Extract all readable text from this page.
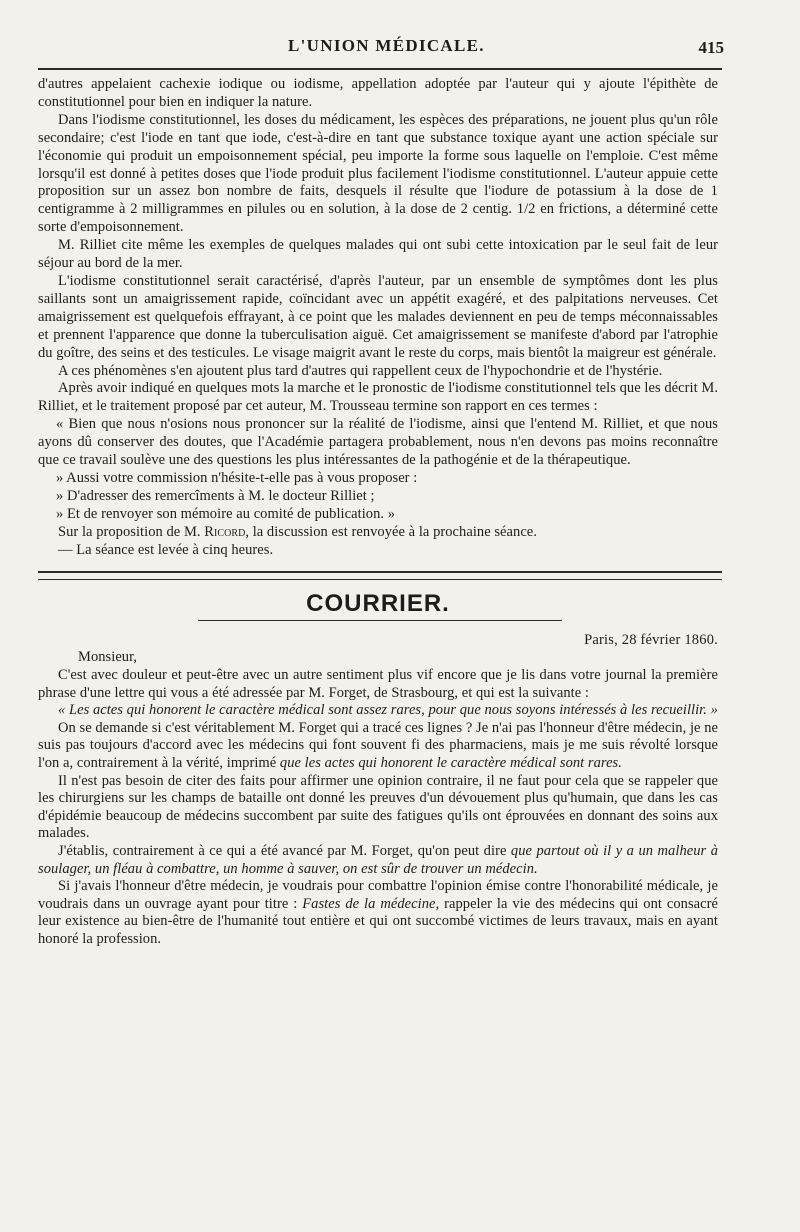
L'UNION MÉDICALE.	415

d'autres appelaient cachexie iodique ou iodisme, appellation adoptée par l'auteur qui y ajoute l'épithète de constitutionnel pour bien en indiquer la nature.

Dans l'iodisme constitutionnel, les doses du médicament, les espèces des préparations, ne jouent plus qu'un rôle secondaire; c'est l'iode en tant que iode, c'est-à-dire en tant que substance toxique ayant une action spéciale sur l'économie qui produit un empoisonnement spécial, peu importe la forme sous laquelle on l'emploie. C'est même lorsqu'il est donné à petites doses que l'iode produit plus facilement l'iodisme constitutionnel. L'auteur appuie cette proposition sur un assez bon nombre de faits, desquels il résulte que l'iodure de potassium à la dose de 1 centigramme à 2 milligrammes en pilules ou en solution, à la dose de 2 centig. 1/2 en frictions, a déterminé cette sorte d'empoisonnement.

M. Rilliet cite même les exemples de quelques malades qui ont subi cette intoxication par le seul fait de leur séjour au bord de la mer.

L'iodisme constitutionnel serait caractérisé, d'après l'auteur, par un ensemble de symptômes dont les plus saillants sont un amaigrissement rapide, coïncidant avec un appétit exagéré, et des palpitations nerveuses. Cet amaigrissement est quelquefois effrayant, à ce point que les malades deviennent en peu de temps méconnaissables et prennent l'apparence que donne la tuberculisation aiguë. Cet amaigrissement se manifeste d'abord par l'atrophie du goître, des seins et des testicules. Le visage maigrit avant le reste du corps, mais bientôt la maigreur est générale.

A ces phénomènes s'en ajoutent plus tard d'autres qui rappellent ceux de l'hypochondrie et de l'hystérie.

Après avoir indiqué en quelques mots la marche et le pronostic de l'iodisme constitutionnel tels que les décrit M. Rilliet, et le traitement proposé par cet auteur, M. Trousseau termine son rapport en ces termes :

« Bien que nous n'osions nous prononcer sur la réalité de l'iodisme, ainsi que l'entend M. Rilliet, et que nous ayons dû conserver des doutes, que l'Académie partagera probablement, nous n'en devons pas moins reconnaître que ce travail soulève une des questions les plus intéressantes de la pathogénie et de la thérapeutique.

» Aussi votre commission n'hésite-t-elle pas à vous proposer :

» D'adresser des remercîments à M. le docteur Rilliet ;

» Et de renvoyer son mémoire au comité de publication. »

Sur la proposition de M. Ricord, la discussion est renvoyée à la prochaine séance.

— La séance est levée à cinq heures.

COURRIER.
Paris, 28 février 1860.

Monsieur,

C'est avec douleur et peut-être avec un autre sentiment plus vif encore que je lis dans votre journal la première phrase d'une lettre qui vous a été adressée par M. Forget, de Strasbourg, et qui est la suivante :

« Les actes qui honorent le caractère médical sont assez rares, pour que nous soyons intéressés à les recueillir. »

On se demande si c'est véritablement M. Forget qui a tracé ces lignes ? Je n'ai pas l'honneur d'être médecin, je ne suis pas toujours d'accord avec les médecins qui font souvent fi des pharmaciens, mais je me suis révolté lorsque l'on a, contrairement à la vérité, imprimé que les actes qui honorent le caractère médical sont rares.

Il n'est pas besoin de citer des faits pour affirmer une opinion contraire, il ne faut pour cela que se rappeler que les chirurgiens sur les champs de bataille ont donné les preuves d'un dévouement plus qu'humain, que dans les cas d'épidémie beaucoup de médecins succombent par suite des fatigues qu'ils ont éprouvées en donnant des soins aux malades.

J'établis, contrairement à ce qui a été avancé par M. Forget, qu'on peut dire que partout où il y a un malheur à soulager, un fléau à combattre, un homme à sauver, on est sûr de trouver un médecin.

Si j'avais l'honneur d'être médecin, je voudrais pour combattre l'opinion émise contre l'honorabilité médicale, je voudrais dans un ouvrage ayant pour titre : Fastes de la médecine, rappeler la vie des médecins qui ont consacré leur existence au bien-être de l'humanité tout entière et qui ont succombé victimes de leurs travaux, mais en ayant honoré la profession.
